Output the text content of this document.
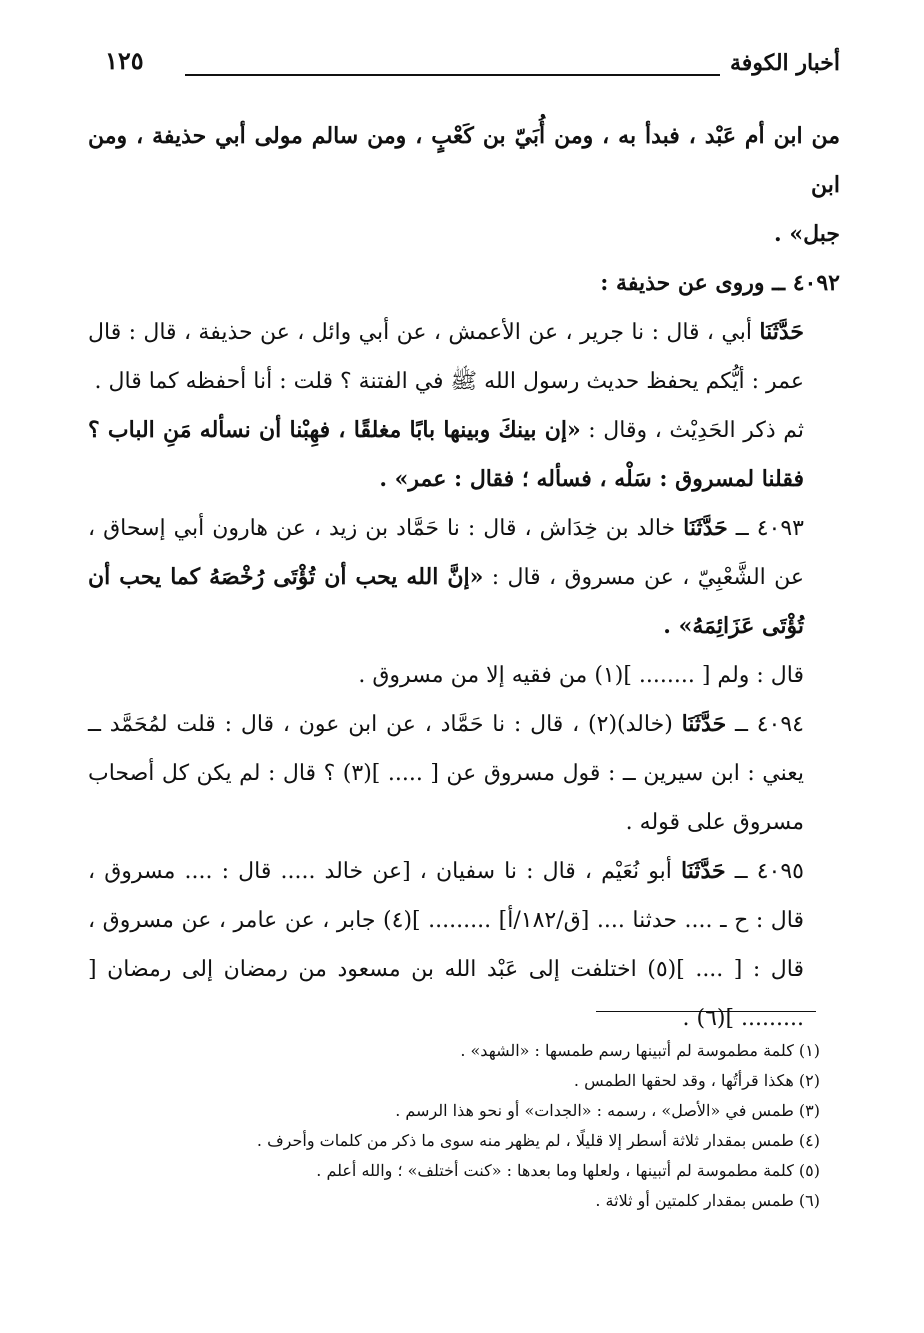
أخبار الكوفة
١٢٥

من ابن أم عَبْد ، فبدأ به ، ومن أُبَيّ بن كَعْبٍ ، ومن سالم مولى أبي حذيفة ، ومن ابن
جبل» .

٤٠٩٢ ــ وروى عن حذيفة :

حَدَّثَنَا أبي ، قال : نا جرير ، عن الأعمش ، عن أبي وائل ، عن حذيفة ، قال : قال عمر : أيُّكم يحفظ حديث رسول الله ﷺ في الفتنة ؟ قلت : أنا أحفظه كما قال .

ثم ذكر الحَدِيْث ، وقال : «إن بينكَ وبينها بابًا مغلقًا ، فهِبْنا أن نسأله مَنِ الباب ؟ فقلنا لمسروق : سَلْه ، فسأله ؛ فقال : عمر» .

٤٠٩٣ ــ حَدَّثَنَا خالد بن خِدَاش ، قال : نا حَمَّاد بن زيد ، عن هارون أبي إسحاق ، عن الشَّعْبِيّ ، عن مسروق ، قال : «إنَّ الله يحب أن تُؤْتَى رُخْصَهُ كما يحب أن تُؤْتَى عَزَائِمَهُ» .

قال : ولم [ ........ ](١) من فقيه إلا من مسروق .

٤٠٩٤ ــ حَدَّثَنَا (خالد)(٢) ، قال : نا حَمَّاد ، عن ابن عون ، قال : قلت لمُحَمَّد ــ يعني : ابن سيرين ــ : قول مسروق عن [ ..... ](٣) ؟ قال : لم يكن كل أصحاب مسروق على قوله .

٤٠٩٥ ــ حَدَّثَنَا أبو نُعَيْم ، قال : نا سفيان ، [عن خالد ..... قال : .... مسروق ، قال : ح ـ .... حدثنا .... [ق/١٨٢/أ] ......... ](٤) جابر ، عن عامر ، عن مسروق ، قال : [ .... ](٥) اختلفت إلى عَبْد الله بن مسعود من رمضان إلى رمضان [ ......... ](٦) .

(١) كلمة مطموسة لم أتبينها رسم طمسها : «الشهد» .

(٢) هكذا قرأتُها ، وقد لحقها الطمس .

(٣) طمس في «الأصل» ، رسمه : «الجدات» أو نحو هذا الرسم .

(٤) طمس بمقدار ثلاثة أسطر إلا قليلًا ، لم يظهر منه سوى ما ذكر من كلمات وأحرف .

(٥) كلمة مطموسة لم أتبينها ، ولعلها وما بعدها : «كنت أختلف» ؛ والله أعلم .

(٦) طمس بمقدار كلمتين أو ثلاثة .
